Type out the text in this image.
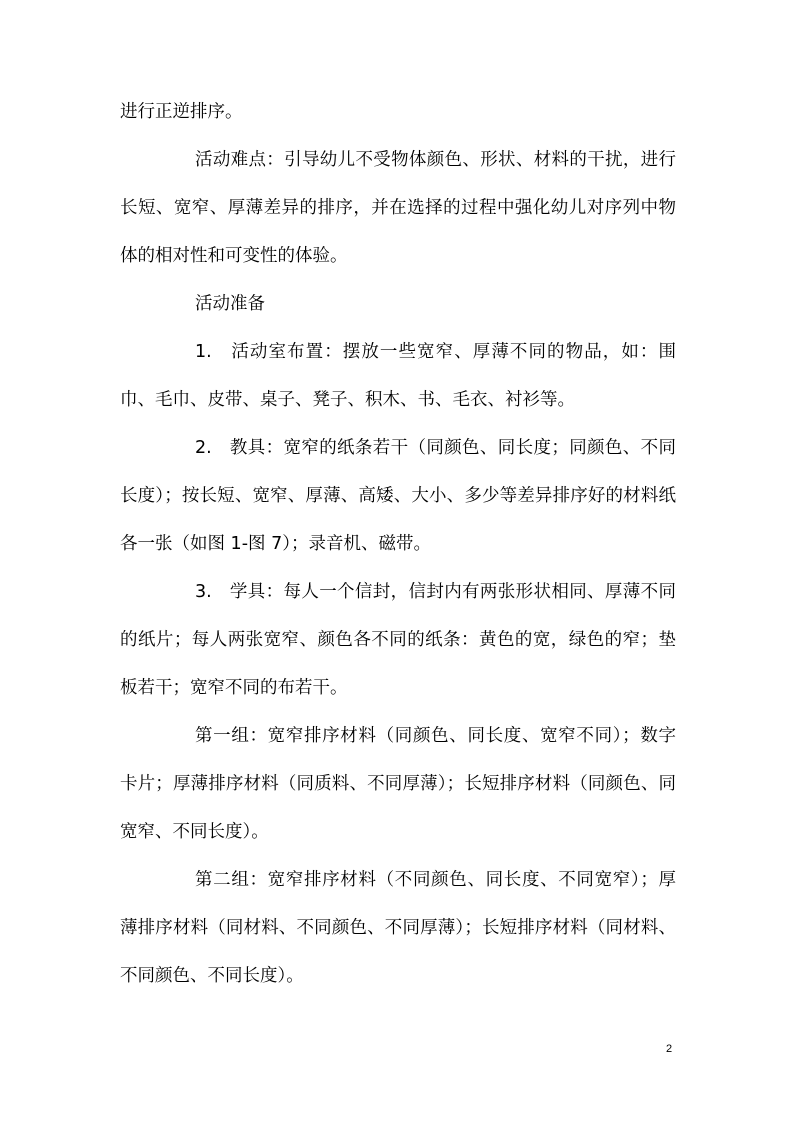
进行正逆排序。

活动难点：引导幼儿不受物体颜色、形状、材料的干扰，进行长短、宽窄、厚薄差异的排序，并在选择的过程中强化幼儿对序列中物体的相对性和可变性的体验。

活动准备

1.　活动室布置：摆放一些宽窄、厚薄不同的物品，如：围巾、毛巾、皮带、桌子、凳子、积木、书、毛衣、衬衫等。

2.　教具：宽窄的纸条若干（同颜色、同长度；同颜色、不同长度）；按长短、宽窄、厚薄、高矮、大小、多少等差异排序好的材料纸各一张（如图 1-图 7）；录音机、磁带。

3.　学具：每人一个信封，信封内有两张形状相同、厚薄不同的纸片；每人两张宽窄、颜色各不同的纸条：黄色的宽，绿色的窄；垫板若干；宽窄不同的布若干。

第一组：宽窄排序材料（同颜色、同长度、宽窄不同）；数字卡片；厚薄排序材料（同质料、不同厚薄）；长短排序材料（同颜色、同宽窄、不同长度）。

第二组：宽窄排序材料（不同颜色、同长度、不同宽窄）；厚薄排序材料（同材料、不同颜色、不同厚薄）；长短排序材料（同材料、不同颜色、不同长度）。

2
